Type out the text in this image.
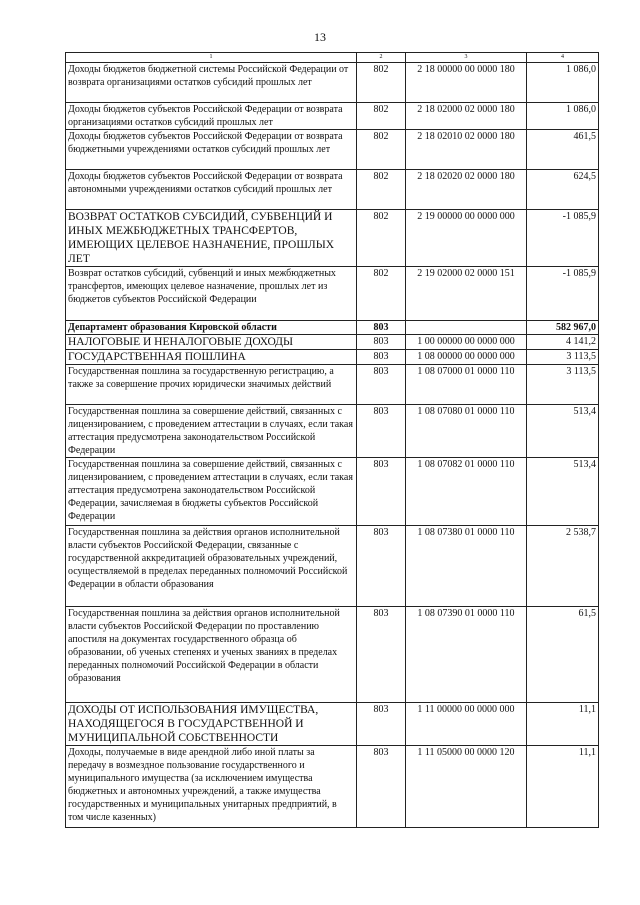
13
1	2	3	4
Доходы бюджетов бюджетной системы Российской Федерации от возврата организациями остатков субсидий прошлых лет	802	2 18 00000 00 0000 180	1 086,0
Доходы бюджетов субъектов Российской Федерации от возврата организациями остатков субсидий прошлых лет	802	2 18 02000 02 0000 180	1 086,0
Доходы бюджетов субъектов Российской Федерации от возврата бюджетными учреждениями остатков субсидий прошлых лет	802	2 18 02010 02 0000 180	461,5
Доходы бюджетов субъектов Российской Федерации от возврата автономными учреждениями остатков субсидий прошлых лет	802	2 18 02020 02 0000 180	624,5
ВОЗВРАТ ОСТАТКОВ СУБСИДИЙ, СУБВЕНЦИЙ И ИНЫХ МЕЖБЮДЖЕТНЫХ ТРАНСФЕРТОВ, ИМЕЮЩИХ ЦЕЛЕВОЕ НАЗНАЧЕНИЕ, ПРОШЛЫХ ЛЕТ	802	2 19 00000 00 0000 000	-1 085,9
Возврат остатков субсидий, субвенций и иных межбюджетных трансфертов, имеющих целевое назначение, прошлых лет из бюджетов субъектов Российской Федерации	802	2 19 02000 02 0000 151	-1 085,9
Департамент образования Кировской области	803		582 967,0
НАЛОГОВЫЕ И НЕНАЛОГОВЫЕ ДОХОДЫ	803	1 00 00000 00 0000 000	4 141,2
ГОСУДАРСТВЕННАЯ ПОШЛИНА	803	1 08 00000 00 0000 000	3 113,5
Государственная пошлина за государственную регистрацию, а также за совершение прочих юридически значимых действий	803	1 08 07000 01 0000 110	3 113,5
Государственная пошлина за совершение действий, связанных с лицензированием, с проведением аттестации в случаях, если такая аттестация предусмотрена законодательством Российской Федерации	803	1 08 07080 01 0000 110	513,4
Государственная пошлина за совершение действий, связанных с лицензированием, с проведением аттестации в случаях, если такая аттестация предусмотрена законодательством Российской Федерации, зачисляемая в бюджеты субъектов Российской Федерации	803	1 08 07082 01 0000 110	513,4
Государственная пошлина за действия органов исполнительной власти субъектов Российской Федерации, связанные с государственной аккредитацией образовательных учреждений, осуществляемой в пределах переданных полномочий Российской Федерации в области образования	803	1 08 07380 01 0000 110	2 538,7
Государственная пошлина за действия органов исполнительной власти субъектов Российской Федерации по проставлению апостиля на документах государственного образца об образовании, об ученых степенях и ученых званиях в пределах переданных полномочий Российской Федерации в области образования	803	1 08 07390 01 0000 110	61,5
ДОХОДЫ ОТ ИСПОЛЬЗОВАНИЯ ИМУЩЕСТВА, НАХОДЯЩЕГОСЯ В ГОСУДАРСТВЕННОЙ И МУНИЦИПАЛЬНОЙ СОБСТВЕННОСТИ	803	1 11 00000 00 0000 000	11,1
Доходы, получаемые в виде арендной либо иной платы за передачу в возмездное пользование государственного и муниципального имущества (за исключением имущества бюджетных и автономных учреждений, а также имущества государственных и муниципальных унитарных предприятий, в том числе казенных)	803	1 11 05000 00 0000 120	11,1
